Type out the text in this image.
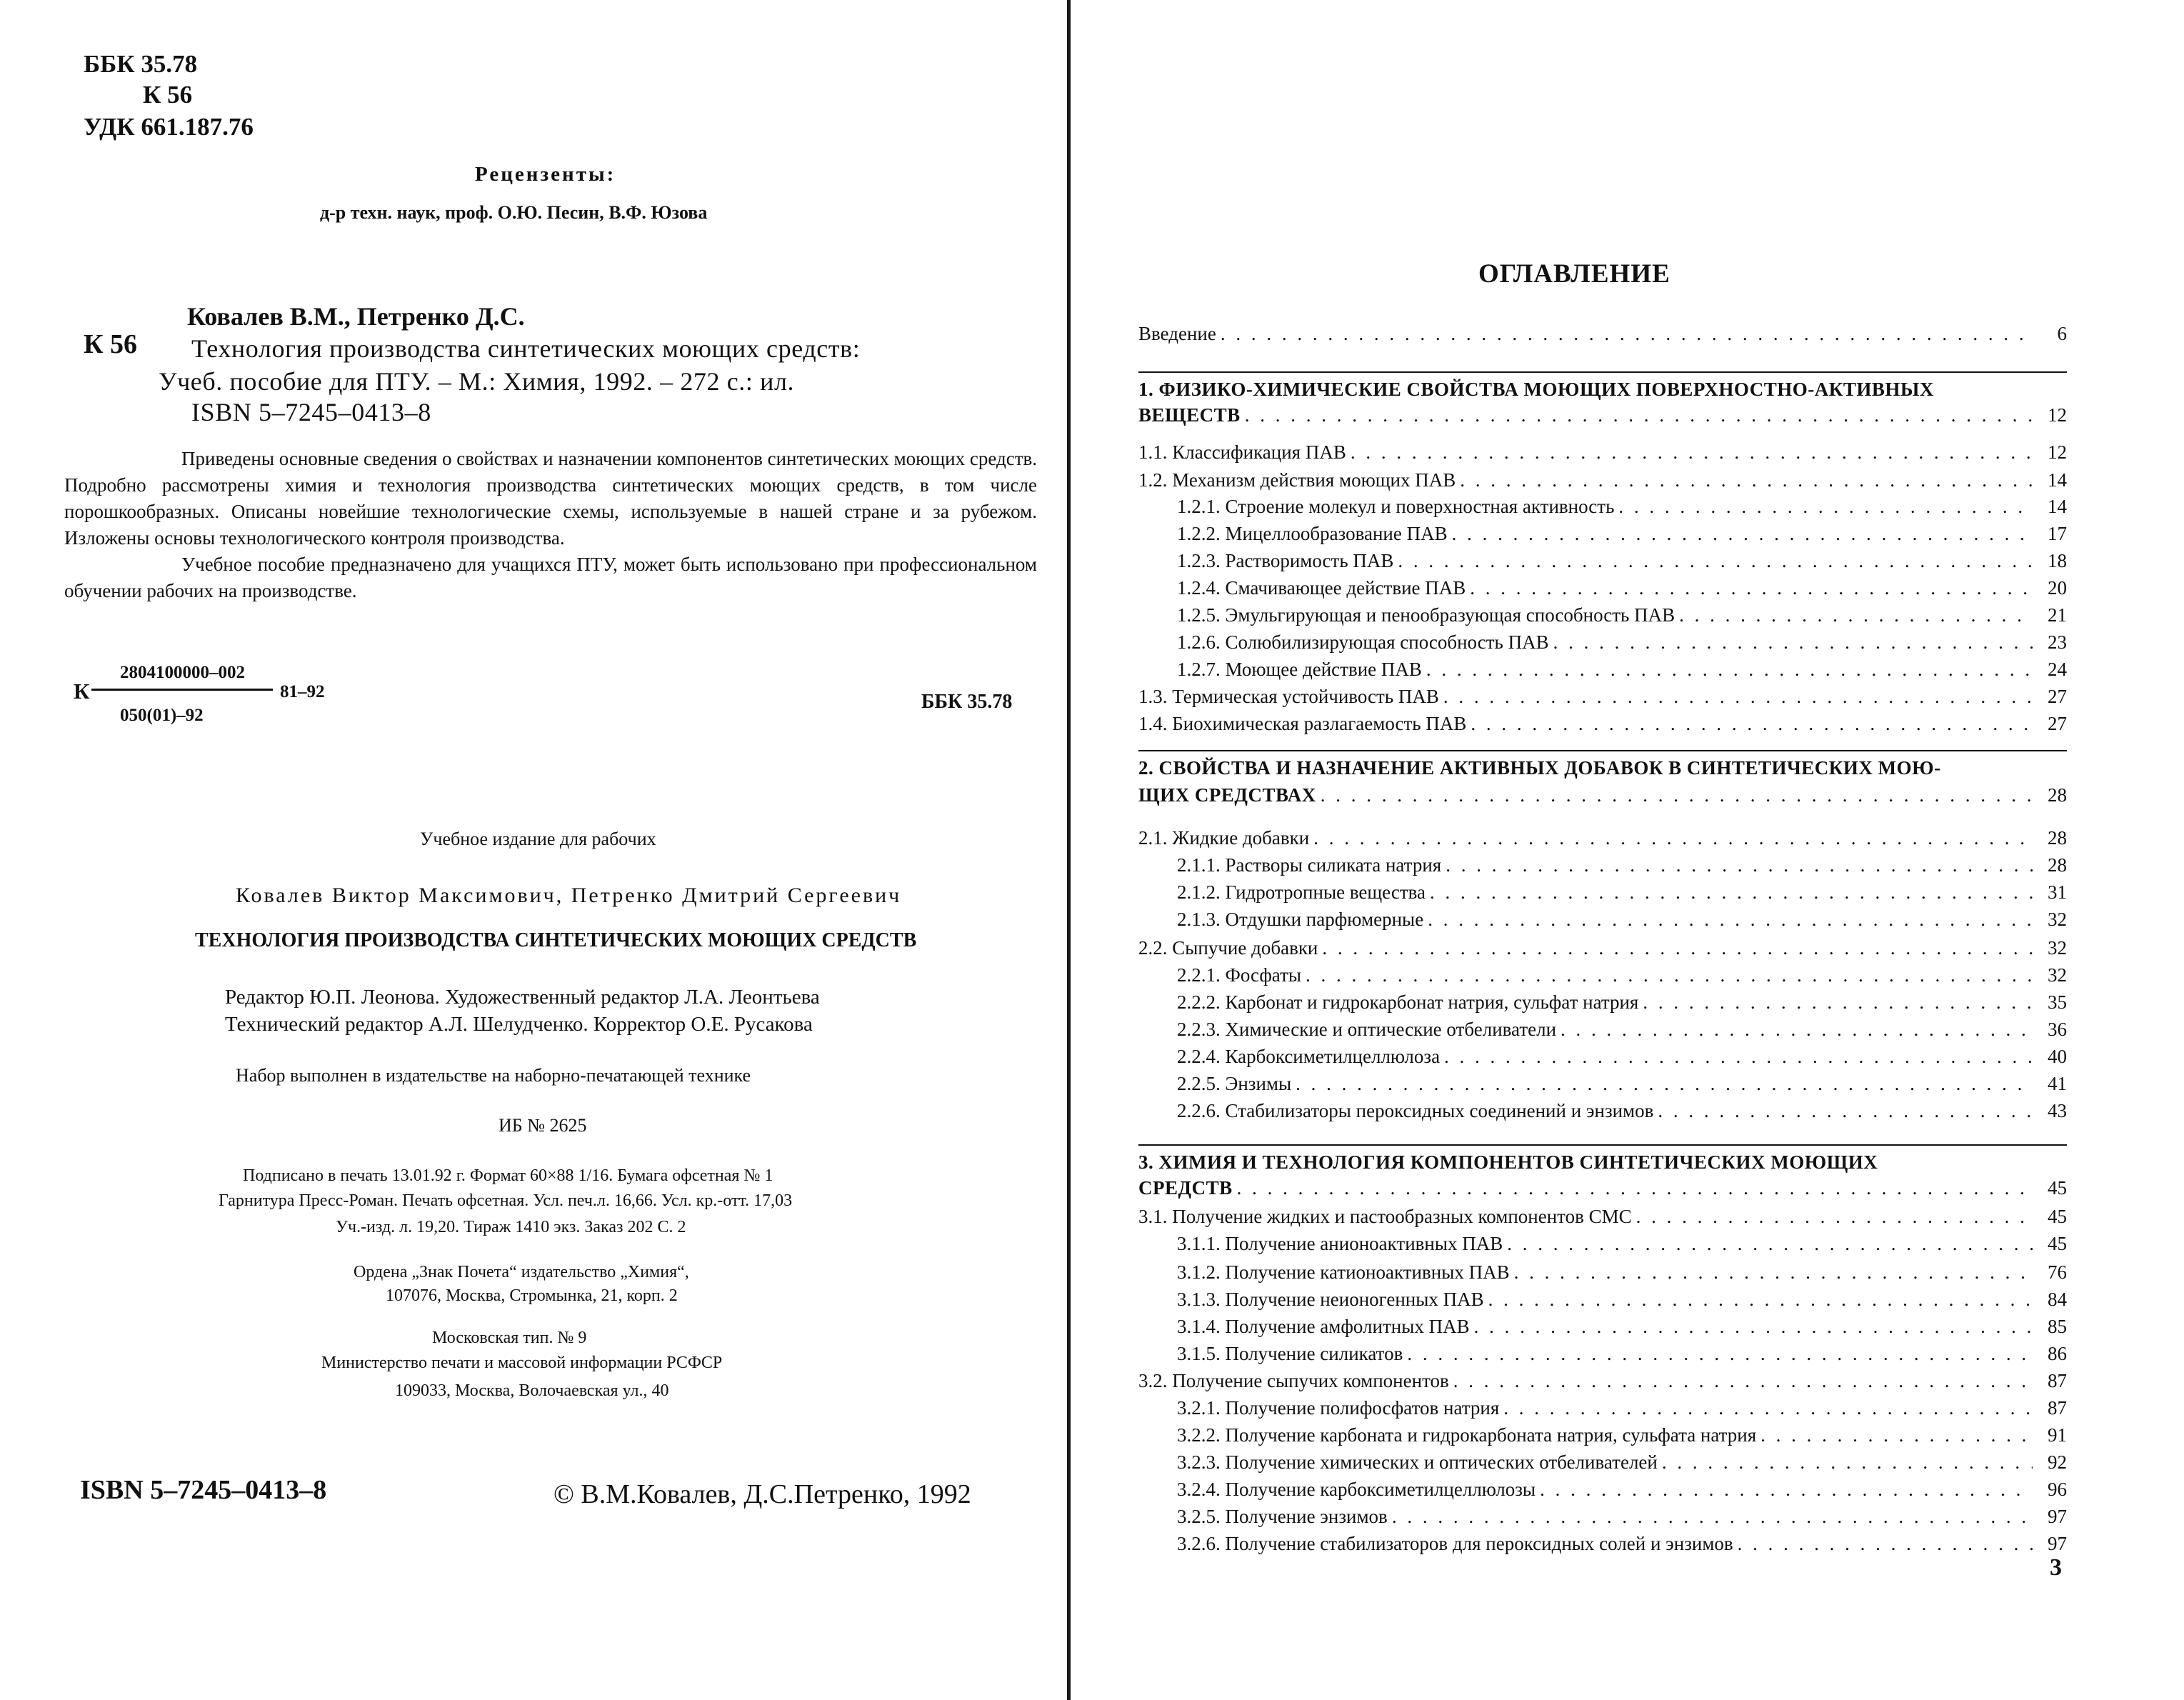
ББК 35.78
К 56
УДК 661.187.76
Рецензенты:
д-р техн. наук, проф. О.Ю. Песин, В.Ф. Юзова
Ковалев В.М., Петренко Д.С.
К 56 Технология производства синтетических моющих средств:
Учеб. пособие для ПТУ. – М.: Химия, 1992. – 272 с.: ил.
ISBN 5–7245–0413–8

Приведены основные сведения о свойствах и назначении компонентов синтетических моющих средств. Подробно рассмотрены химия и технология производства синтетических моющих средств, в том числе порошкообразных. Описаны новейшие технологические схемы, используемые в нашей стране и за рубежом. Изложены основы технологического контроля производства.

Учебное пособие предназначено для учащихся ПТУ, может быть использовано при профессиональном обучении рабочих на производстве.

К
2804100000–002
050(01)–92
81–92	ББК 35.78
Учебное издание для рабочих
Ковалев Виктор Максимович, Петренко Дмитрий Сергеевич
ТЕХНОЛОГИЯ ПРОИЗВОДСТВА СИНТЕТИЧЕСКИХ МОЮЩИХ СРЕДСТВ
Редактор Ю.П. Леонова. Художественный редактор Л.А. Леонтьева
Технический редактор А.Л. Шелудченко. Корректор О.Е. Русакова
Набор выполнен в издательстве на наборно-печатающей технике
ИБ № 2625
Подписано в печать 13.01.92 г. Формат 60×88 1/16. Бумага офсетная № 1
Гарнитура Пресс-Роман. Печать офсетная. Усл. печ.л. 16,66. Усл. кр.-отт. 17,03
Уч.-изд. л. 19,20. Тираж 1410 экз. Заказ 202 С. 2
Ордена „Знак Почета“ издательство „Химия“,
107076, Москва, Стромынка, 21, корп. 2
Московская тип. № 9
Министерство печати и массовой информации РСФСР
109033, Москва, Волочаевская ул., 40
ISBN 5–7245–0413–8	© В.М.Ковалев, Д.С.Петренко, 1992
ОГЛАВЛЕНИЕ
Введение . . .	6
1. ФИЗИКО-ХИМИЧЕСКИЕ СВОЙСТВА МОЮЩИХ ПОВЕРХНОСТНО-АКТИВНЫХ
ВЕЩЕСТВ . . .	12
1.1. Классификация ПАВ . . .	12
1.2. Механизм действия моющих ПАВ . . .	14
1.2.1. Строение молекул и поверхностная активность . . .	14
1.2.2. Мицеллообразование ПАВ . . .	17
1.2.3. Растворимость ПАВ . . .	18
1.2.4. Смачивающее действие ПАВ . . .	20
1.2.5. Эмульгирующая и пенообразующая способность ПАВ . . .	21
1.2.6. Солюбилизирующая способность ПАВ . . .	23
1.2.7. Моющее действие ПАВ . . .	24
1.3. Термическая устойчивость ПАВ . . .	27
1.4. Биохимическая разлагаемость ПАВ . . .	27
2. СВОЙСТВА И НАЗНАЧЕНИЕ АКТИВНЫХ ДОБАВОК В СИНТЕТИЧЕСКИХ МОЮ-
ЩИХ СРЕДСТВАХ . . .	28
2.1. Жидкие добавки . . .	28
2.1.1. Растворы силиката натрия . . .	28
2.1.2. Гидротропные вещества . . .	31
2.1.3. Отдушки парфюмерные . . .	32
2.2. Сыпучие добавки . . .	32
2.2.1. Фосфаты . . .	32
2.2.2. Карбонат и гидрокарбонат натрия, сульфат натрия . . .	35
2.2.3. Химические и оптические отбеливатели . . .	36
2.2.4. Карбоксиметилцеллюлоза . . .	40
2.2.5. Энзимы . . .	41
2.2.6. Стабилизаторы пероксидных соединений и энзимов . . .	43
3. ХИМИЯ И ТЕХНОЛОГИЯ КОМПОНЕНТОВ СИНТЕТИЧЕСКИХ МОЮЩИХ
СРЕДСТВ . . .	45
3.1. Получение жидких и пастообразных компонентов СМС . . .	45
3.1.1. Получение анионоактивных ПАВ . . .	45
3.1.2. Получение катионоактивных ПАВ . . .	76
3.1.3. Получение неионогенных ПАВ . . .	84
3.1.4. Получение амфолитных ПАВ . . .	85
3.1.5. Получение силикатов . . .	86
3.2. Получение сыпучих компонентов . . .	87
3.2.1. Получение полифосфатов натрия . . .	87
3.2.2. Получение карбоната и гидрокарбоната натрия, сульфата натрия . . .	91
3.2.3. Получение химических и оптических отбеливателей . . .	92
3.2.4. Получение карбоксиметилцеллюлозы . . .	96
3.2.5. Получение энзимов . . .	97
3.2.6. Получение стабилизаторов для пероксидных солей и энзимов . . .	97
3
